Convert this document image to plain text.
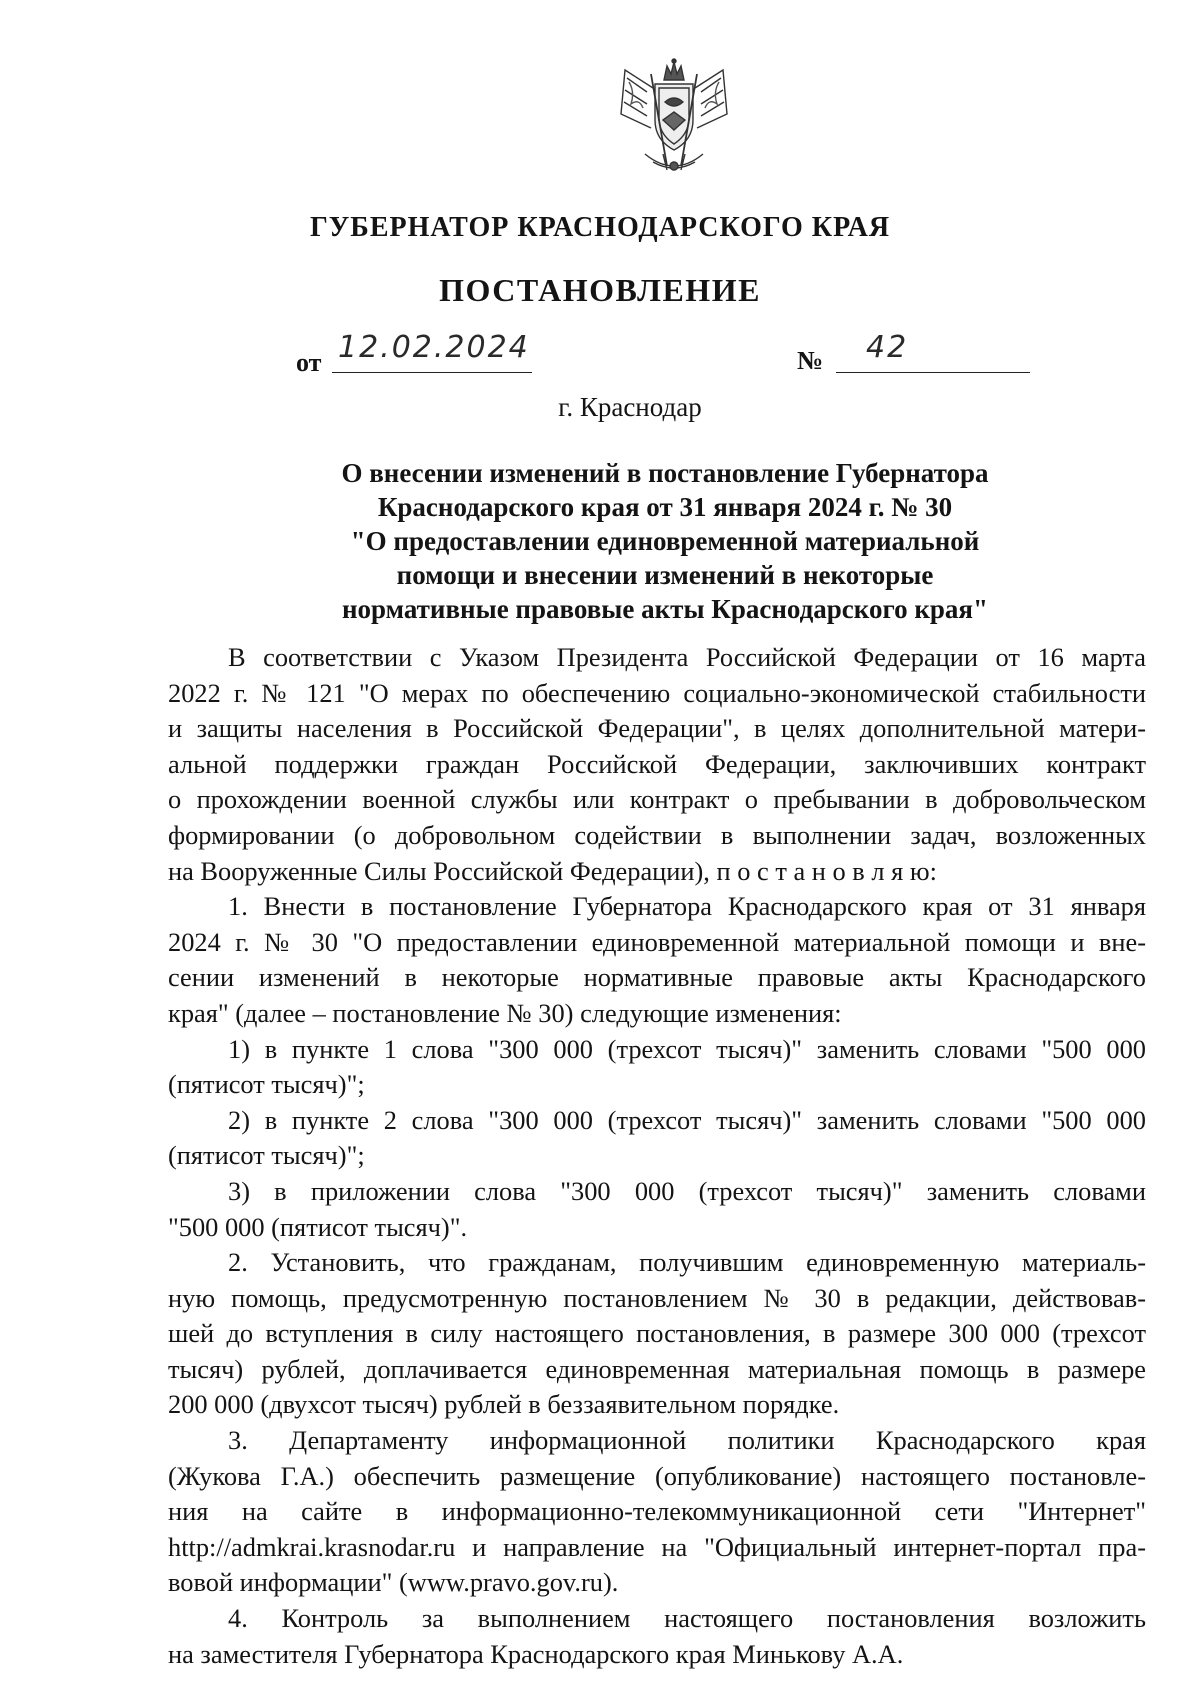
ГУБЕРНАТОР КРАСНОДАРСКОГО КРАЯ
ПОСТАНОВЛЕНИЕ
от 12.02.2024	№ 42
г. Краснодар
О внесении изменений в постановление Губернатора
Краснодарского края от 31 января 2024 г. № 30
"О предоставлении единовременной материальной
помощи и внесении изменений в некоторые
нормативные правовые акты Краснодарского края"
В соответствии с Указом Президента Российской Федерации от 16 марта
2022 г. № 121 "О мерах по обеспечению социально-экономической стабильности
и защиты населения в Российской Федерации", в целях дополнительной матери-
альной поддержки граждан Российской Федерации, заключивших контракт
о прохождении военной службы или контракт о пребывании в добровольческом
формировании (о добровольном содействии в выполнении задач, возложенных
на Вооруженные Силы Российской Федерации), п о с т а н о в л я ю:
1. Внести в постановление Губернатора Краснодарского края от 31 января
2024 г. № 30 "О предоставлении единовременной материальной помощи и вне-
сении изменений в некоторые нормативные правовые акты Краснодарского
края" (далее – постановление № 30) следующие изменения:
1) в пункте 1 слова "300 000 (трехсот тысяч)" заменить словами "500 000
(пятисот тысяч)";
2) в пункте 2 слова "300 000 (трехсот тысяч)" заменить словами "500 000
(пятисот тысяч)";
3) в приложении слова "300 000 (трехсот тысяч)" заменить словами
"500 000 (пятисот тысяч)".
2. Установить, что гражданам, получившим единовременную материаль-
ную помощь, предусмотренную постановлением № 30 в редакции, действовав-
шей до вступления в силу настоящего постановления, в размере 300 000 (трехсот
тысяч) рублей, доплачивается единовременная материальная помощь в размере
200 000 (двухсот тысяч) рублей в беззаявительном порядке.
3. Департаменту информационной политики Краснодарского края
(Жукова Г.А.) обеспечить размещение (опубликование) настоящего постановле-
ния на сайте в информационно-телекоммуникационной сети "Интернет"
http://admkrai.krasnodar.ru и направление на "Официальный интернет-портал пра-
вовой информации" (www.pravo.gov.ru).
4. Контроль за выполнением настоящего постановления возложить
на заместителя Губернатора Краснодарского края Минькову А.А.
